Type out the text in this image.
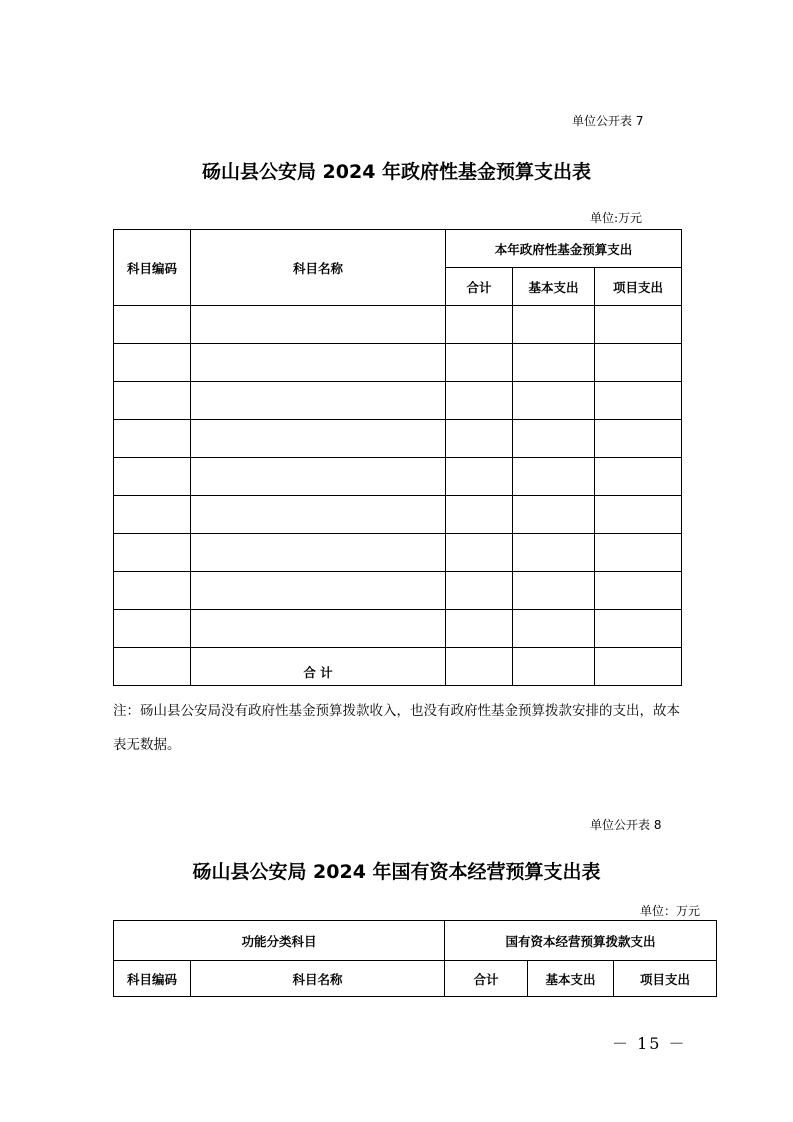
单位公开表 7
砀山县公安局 2024 年政府性基金预算支出表
单位:万元
科目编码	科目名称	本年政府性基金预算支出		
		合计	基本支出	项目支出

	合 计			
注：砀山县公安局没有政府性基金预算拨款收入，也没有政府性基金预算拨款安排的支出，故本表无数据。
单位公开表 8
砀山县公安局 2024 年国有资本经营预算支出表
单位：万元
功能分类科目		国有资本经营预算拨款支出		
科目编码	科目名称	合计	基本支出	项目支出
－ 15 －
